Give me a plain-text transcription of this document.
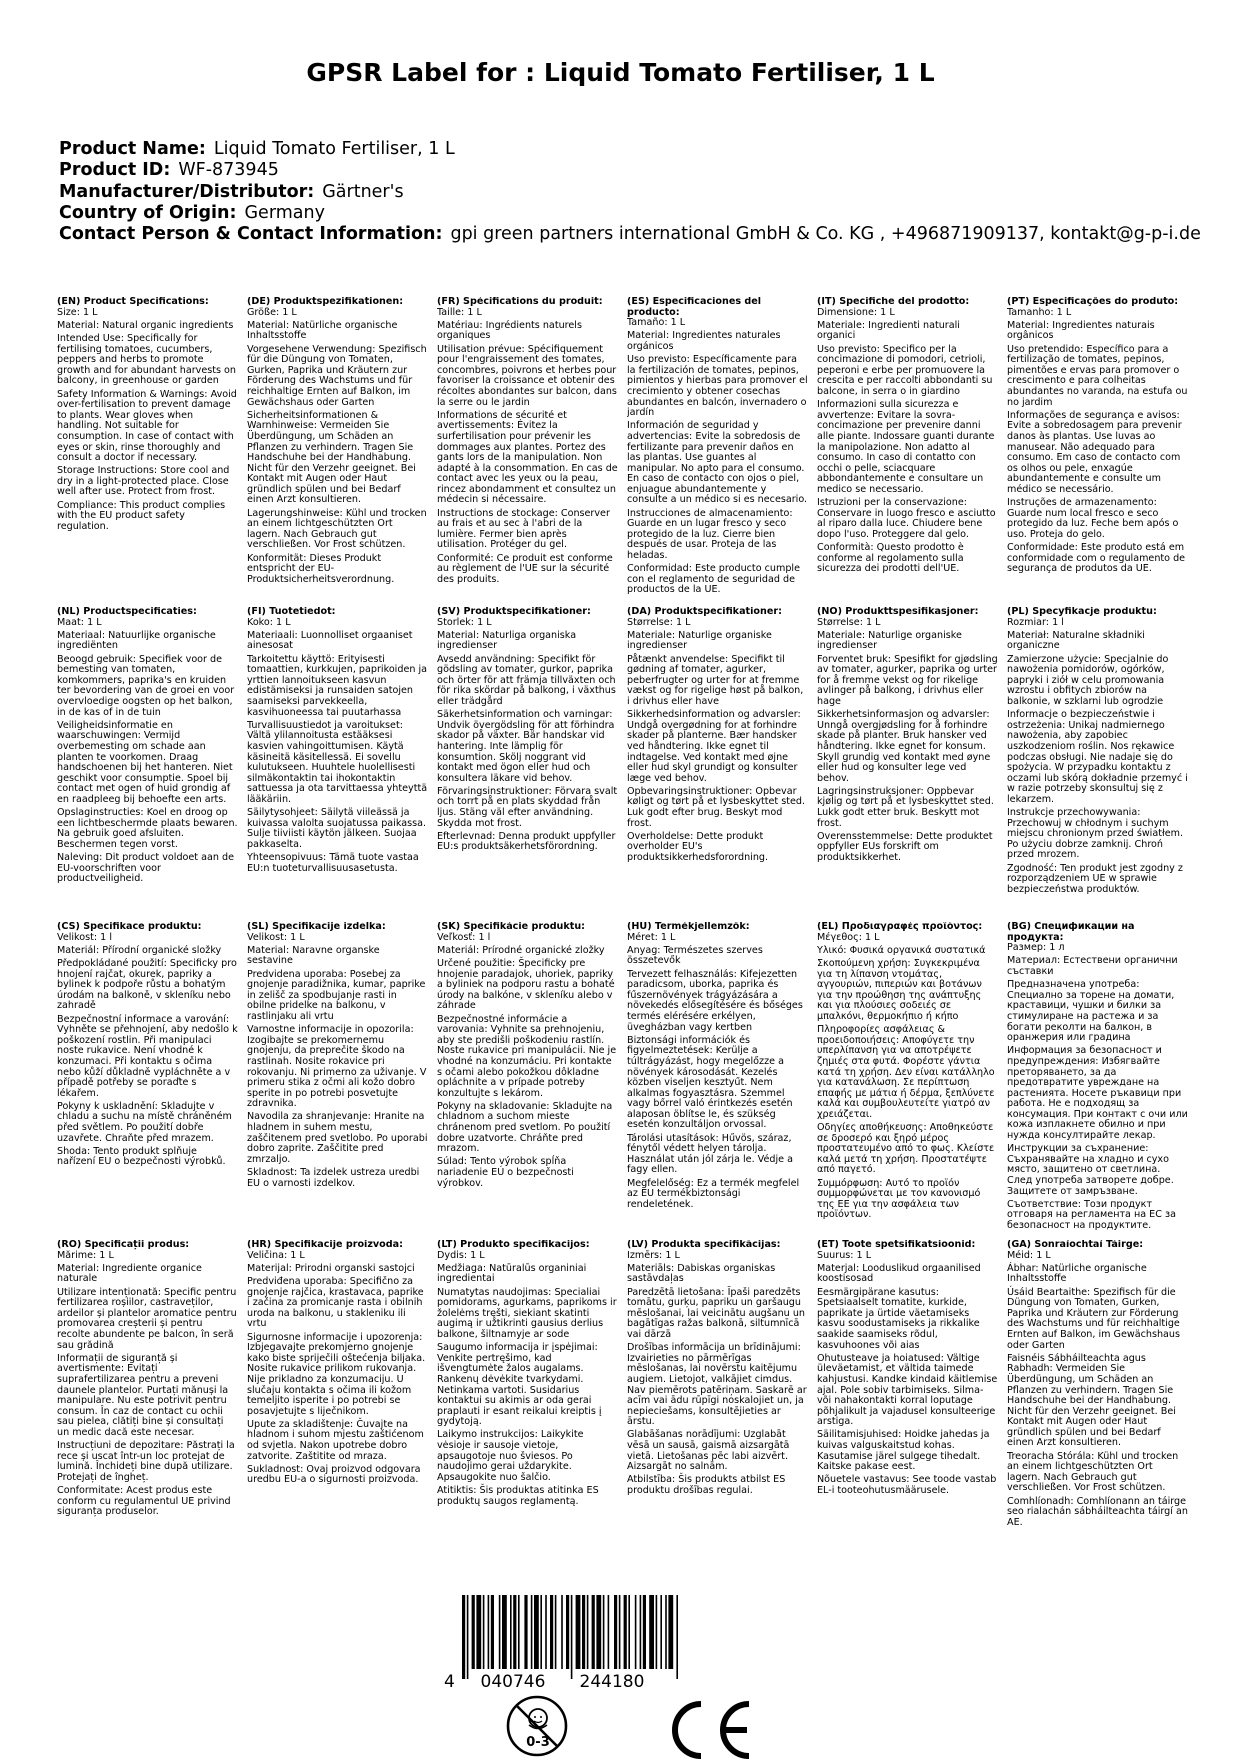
GPSR Label for : Liquid Tomato Fertiliser, 1 L
Product Name: Liquid Tomato Fertiliser, 1 L
Product ID: WF-873945
Manufacturer/Distributor: Gärtner's
Country of Origin: Germany
Contact Person & Contact Information: gpi green partners international GmbH & Co. KG , +496871909137, kontakt@g-p-i.de
(EN) Product Specifications:

Size: 1 L

Material: Natural organic ingredients

Intended Use: Specifically for fertilising tomatoes, cucumbers, peppers and herbs to promote growth and for abundant harvests on balcony, in greenhouse or garden

Safety Information & Warnings: Avoid over-fertilisation to prevent damage to plants. Wear gloves when handling. Not suitable for consumption. In case of contact with eyes or skin, rinse thoroughly and consult a doctor if necessary.

Storage Instructions: Store cool and dry in a light-protected place. Close well after use. Protect from frost.

Compliance: This product complies with the EU product safety regulation.

(DE) Produktspezifikationen:

Größe: 1 L

Material: Natürliche organische Inhaltsstoffe

Vorgesehene Verwendung: Spezifisch für die Düngung von Tomaten, Gurken, Paprika und Kräutern zur Förderung des Wachstums und für reichhaltige Ernten auf Balkon, im Gewächshaus oder Garten

Sicherheitsinformationen & Warnhinweise: Vermeiden Sie Überdüngung, um Schäden an Pflanzen zu verhindern. Tragen Sie Handschuhe bei der Handhabung. Nicht für den Verzehr geeignet. Bei Kontakt mit Augen oder Haut gründlich spülen und bei Bedarf einen Arzt konsultieren.

Lagerungshinweise: Kühl und trocken an einem lichtgeschützten Ort lagern. Nach Gebrauch gut verschließen. Vor Frost schützen.

Konformität: Dieses Produkt entspricht der EU-Produktsicherheitsverordnung.

(FR) Spécifications du produit:

Taille: 1 L

Matériau: Ingrédients naturels organiques

Utilisation prévue: Spécifiquement pour l'engraissement des tomates, concombres, poivrons et herbes pour favoriser la croissance et obtenir des récoltes abondantes sur balcon, dans la serre ou le jardin

Informations de sécurité et avertissements: Évitez la surfertilisation pour prévenir les dommages aux plantes. Portez des gants lors de la manipulation. Non adapté à la consommation. En cas de contact avec les yeux ou la peau, rincez abondamment et consultez un médecin si nécessaire.

Instructions de stockage: Conserver au frais et au sec à l'abri de la lumière. Fermer bien après utilisation. Protéger du gel.

Conformité: Ce produit est conforme au règlement de l'UE sur la sécurité des produits.

(ES) Especificaciones del producto:

Tamaño: 1 L

Material: Ingredientes naturales orgánicos

Uso previsto: Específicamente para la fertilización de tomates, pepinos, pimientos y hierbas para promover el crecimiento y obtener cosechas abundantes en balcón, invernadero o jardín

Información de seguridad y advertencias: Evite la sobredosis de fertilizante para prevenir daños en las plantas. Use guantes al manipular. No apto para el consumo. En caso de contacto con ojos o piel, enjuague abundantemente y consulte a un médico si es necesario.

Instrucciones de almacenamiento: Guarde en un lugar fresco y seco protegido de la luz. Cierre bien después de usar. Proteja de las heladas.

Conformidad: Este producto cumple con el reglamento de seguridad de productos de la UE.

(IT) Specifiche del prodotto:

Dimensione: 1 L

Materiale: Ingredienti naturali organici

Uso previsto: Specifico per la concimazione di pomodori, cetrioli, peperoni e erbe per promuovere la crescita e per raccolti abbondanti su balcone, in serra o in giardino

Informazioni sulla sicurezza e avvertenze: Evitare la sovra-concimazione per prevenire danni alle piante. Indossare guanti durante la manipolazione. Non adatto al consumo. In caso di contatto con occhi o pelle, sciacquare abbondantemente e consultare un medico se necessario.

Istruzioni per la conservazione: Conservare in luogo fresco e asciutto al riparo dalla luce. Chiudere bene dopo l'uso. Proteggere dal gelo.

Conformità: Questo prodotto è conforme al regolamento sulla sicurezza dei prodotti dell'UE.

(PT) Especificações do produto:

Tamanho: 1 L

Material: Ingredientes naturais orgânicos

Uso pretendido: Específico para a fertilização de tomates, pepinos, pimentões e ervas para promover o crescimento e para colheitas abundantes no varanda, na estufa ou no jardim

Informações de segurança e avisos: Evite a sobredosagem para prevenir danos às plantas. Use luvas ao manusear. Não adequado para consumo. Em caso de contacto com os olhos ou pele, enxagúe abundantemente e consulte um médico se necessário.

Instruções de armazenamento: Guarde num local fresco e seco protegido da luz. Feche bem após o uso. Proteja do gelo.

Conformidade: Este produto está em conformidade com o regulamento de segurança de produtos da UE.

(NL) Productspecificaties:

Maat: 1 L

Materiaal: Natuurlijke organische ingrediënten

Beoogd gebruik: Specifiek voor de bemesting van tomaten, komkommers, paprika's en kruiden ter bevordering van de groei en voor overvloedige oogsten op het balkon, in de kas of in de tuin

Veiligheidsinformatie en waarschuwingen: Vermijd overbemesting om schade aan planten te voorkomen. Draag handschoenen bij het hanteren. Niet geschikt voor consumptie. Spoel bij contact met ogen of huid grondig af en raadpleeg bij behoefte een arts.

Opslaginstructies: Koel en droog op een lichtbeschermde plaats bewaren. Na gebruik goed afsluiten. Beschermen tegen vorst.

Naleving: Dit product voldoet aan de EU-voorschriften voor productveiligheid.

(FI) Tuotetiedot:

Koko: 1 L

Materiaali: Luonnolliset orgaaniset ainesosat

Tarkoitettu käyttö: Erityisesti tomaattien, kurkkujen, paprikoiden ja yrttien lannoitukseen kasvun edistämiseksi ja runsaiden satojen saamiseksi parvekkeella, kasvihuoneessa tai puutarhassa

Turvallisuustiedot ja varoitukset: Vältä ylilannoitusta estääksesi kasvien vahingoittumisen. Käytä käsineitä käsitellessä. Ei sovellu kulutukseen. Huuhtele huolellisesti silmäkontaktin tai ihokontaktin sattuessa ja ota tarvittaessa yhteyttä lääkäriin.

Säilytysohjeet: Säilytä viileässä ja kuivassa valolta suojatussa paikassa. Sulje tiiviisti käytön jälkeen. Suojaa pakkaselta.

Yhteensopivuus: Tämä tuote vastaa EU:n tuoteturvallisuusasetusta.

(SV) Produktspecifikationer:

Storlek: 1 L

Material: Naturliga organiska ingredienser

Avsedd användning: Specifikt för gödsling av tomater, gurkor, paprika och örter för att främja tillväxten och för rika skördar på balkong, i växthus eller trädgård

Säkerhetsinformation och varningar: Undvik övergödsling för att förhindra skador på växter. Bär handskar vid hantering. Inte lämplig för konsumtion. Skölj noggrant vid kontakt med ögon eller hud och konsultera läkare vid behov.

Förvaringsinstruktioner: Förvara svalt och torrt på en plats skyddad från ljus. Stäng väl efter användning. Skydda mot frost.

Efterlevnad: Denna produkt uppfyller EU:s produktsäkerhetsförordning.

(DA) Produktspecifikationer:

Størrelse: 1 L

Materiale: Naturlige organiske ingredienser

Påtænkt anvendelse: Specifikt til gødning af tomater, agurker, peberfrugter og urter for at fremme vækst og for rigelige høst på balkon, i drivhus eller have

Sikkerhedsinformation og advarsler: Undgå overgødning for at forhindre skader på planterne. Bær handsker ved håndtering. Ikke egnet til indtagelse. Ved kontakt med øjne eller hud skyl grundigt og konsulter læge ved behov.

Opbevaringsinstruktioner: Opbevar køligt og tørt på et lysbeskyttet sted. Luk godt efter brug. Beskyt mod frost.

Overholdelse: Dette produkt overholder EU's produktsikkerhedsforordning.

(NO) Produkttspesifikasjoner:

Størrelse: 1 L

Materiale: Naturlige organiske ingredienser

Forventet bruk: Spesifikt for gjødsling av tomater, agurker, paprika og urter for å fremme vekst og for rikelige avlinger på balkong, i drivhus eller hage

Sikkerhetsinformasjon og advarsler: Unngå overgjødsling for å forhindre skade på planter. Bruk hansker ved håndtering. Ikke egnet for konsum. Skyll grundig ved kontakt med øyne eller hud og konsulter lege ved behov.

Lagringsinstruksjoner: Oppbevar kjølig og tørt på et lysbeskyttet sted. Lukk godt etter bruk. Beskytt mot frost.

Overensstemmelse: Dette produktet oppfyller EUs forskrift om produktsikkerhet.

(PL) Specyfikacje produktu:

Rozmiar: 1 l

Materiał: Naturalne składniki organiczne

Zamierzone użycie: Specjalnie do nawożenia pomidorów, ogórków, papryki i ziół w celu promowania wzrostu i obfitych zbiorów na balkonie, w szklarni lub ogrodzie

Informacje o bezpieczeństwie i ostrzeżenia: Unikaj nadmiernego nawożenia, aby zapobiec uszkodzeniom roślin. Nos rękawice podczas obsługi. Nie nadaje się do spożycia. W przypadku kontaktu z oczami lub skórą dokładnie przemyć i w razie potrzeby skonsultuj się z lekarzem.

Instrukcje przechowywania: Przechowuj w chłodnym i suchym miejscu chronionym przed światłem. Po użyciu dobrze zamknij. Chroń przed mrozem.

Zgodność: Ten produkt jest zgodny z rozporządzeniem UE w sprawie bezpieczeństwa produktów.

(CS) Specifikace produktu:

Velikost: 1 l

Materiál: Přírodní organické složky

Předpokládané použití: Specificky pro hnojení rajčat, okurek, papriky a bylinek k podpoře růstu a bohatým úrodám na balkoně, v skleníku nebo zahradě

Bezpečnostní informace a varování: Vyhněte se přehnojení, aby nedošlo k poškození rostlin. Při manipulaci noste rukavice. Není vhodné k konzumaci. Při kontaktu s očima nebo kůží důkladně vypláchněte a v případě potřeby se poraďte s lékařem.

Pokyny k uskladnění: Skladujte v chladu a suchu na místě chráněném před světlem. Po použití dobře uzavřete. Chraňte před mrazem.

Shoda: Tento produkt splňuje nařízení EU o bezpečnosti výrobků.

(SL) Specifikacije izdelka:

Velikost: 1 L

Material: Naravne organske sestavine

Predvidena uporaba: Posebej za gnojenje paradižnika, kumar, paprike in zelišč za spodbujanje rasti in obilne pridelke na balkonu, v rastlinjaku ali vrtu

Varnostne informacije in opozorila: Izogibajte se prekomernemu gnojenju, da preprečite škodo na rastlinah. Nosite rokavice pri rokovanju. Ni primerno za uživanje. V primeru stika z očmi ali kožo dobro sperite in po potrebi posvetujte zdravnika.

Navodila za shranjevanje: Hranite na hladnem in suhem mestu, zaščitenem pred svetlobo. Po uporabi dobro zaprite. Zaščitite pred zmrzaljo.

Skladnost: Ta izdelek ustreza uredbi EU o varnosti izdelkov.

(SK) Špecifikácie produktu:

Veľkosť: 1 l

Materiál: Prírodné organické zložky

Určené použitie: Špecificky pre hnojenie paradajok, uhoriek, papriky a byliniek na podporu rastu a bohaté úrody na balkóne, v skleníku alebo v záhrade

Bezpečnostné informácie a varovania: Vyhnite sa prehnojeniu, aby ste predišli poškodeniu rastlín. Noste rukavice pri manipulácii. Nie je vhodné na konzumáciu. Pri kontakte s očami alebo pokožkou dôkladne opláchnite a v prípade potreby konzultujte s lekárom.

Pokyny na skladovanie: Skladujte na chladnom a suchom mieste chránenom pred svetlom. Po použití dobre uzatvorte. Chráňte pred mrazom.

Súlad: Tento výrobok spĺňa nariadenie EÚ o bezpečnosti výrobkov.

(HU) Termékjellemzők:

Méret: 1 L

Anyag: Természetes szerves összetevők

Tervezett felhasználás: Kifejezetten paradicsom, uborka, paprika és fűszernövények trágyázására a növekedés elősegítésére és bőséges termés elérésére erkélyen, üvegházban vagy kertben

Biztonsági információk és figyelmeztetések: Kerülje a túltrágyázást, hogy megelőzze a növények károsodását. Kezelés közben viseljen kesztyűt. Nem alkalmas fogyasztásra. Szemmel vagy bőrrel való érintkezés esetén alaposan öblítse le, és szükség esetén konzultáljon orvossal.

Tárolási utasítások: Hűvös, száraz, fénytől védett helyen tárolja. Használat után jól zárja le. Védje a fagy ellen.

Megfelelőség: Ez a termék megfelel az EU termékbiztonsági rendeletének.

(EL) Προδιαγραφές προϊόντος:

Μέγεθος: 1 L

Υλικό: Φυσικά οργανικά συστατικά

Σκοπούμενη χρήση: Συγκεκριμένα για τη λίπανση ντομάτας, αγγουριών, πιπεριών και βοτάνων για την προώθηση της ανάπτυξης και για πλούσιες σοδειές σε μπαλκόνι, θερμοκήπιο ή κήπο

Πληροφορίες ασφάλειας & προειδοποιήσεις: Αποφύγετε την υπερλίπανση για να αποτρέψετε ζημιές στα φυτά. Φορέστε γάντια κατά τη χρήση. Δεν είναι κατάλληλο για κατανάλωση. Σε περίπτωση επαφής με μάτια ή δέρμα, ξεπλύνετε καλά και συμβουλευτείτε γιατρό αν χρειάζεται.

Οδηγίες αποθήκευσης: Αποθηκεύστε σε δροσερό και ξηρό μέρος προστατευμένο από το φως. Κλείστε καλά μετά τη χρήση. Προστατέψτε από παγετό.

Συμμόρφωση: Αυτό το προϊόν συμμορφώνεται με τον κανονισμό της ΕΕ για την ασφάλεια των προϊόντων.

(BG) Спецификации на продукта:

Размер: 1 л

Материал: Естествени органични съставки

Предназначена употреба: Специално за торене на домати, краставици, чушки и билки за стимулиране на растежа и за богати реколти на балкон, в оранжерия или градина

Информация за безопасност и предупреждения: Избягвайте преторяването, за да предотвратите увреждане на растенията. Носете ръкавици при работа. Не е подходящ за консумация. При контакт с очи или кожа изплакнете обилно и при нужда консултирайте лекар.

Инструкции за съхранение: Съхранявайте на хладно и сухо място, защитено от светлина. След употреба затворете добре. Защитете от замръзване.

Съответствие: Този продукт отговаря на регламента на ЕС за безопасност на продуктите.

(RO) Specificații produs:

Mărime: 1 L

Material: Ingrediente organice naturale

Utilizare intenționată: Specific pentru fertilizarea roșiilor, castraveților, ardeilor și plantelor aromatice pentru promovarea creșterii și pentru recolte abundente pe balcon, în seră sau grădină

Informații de siguranță și avertismente: Evitați suprafertilizarea pentru a preveni daunele plantelor. Purtați mănuși la manipulare. Nu este potrivit pentru consum. În caz de contact cu ochii sau pielea, clătiți bine și consultați un medic dacă este necesar.

Instrucțiuni de depozitare: Păstrați la rece și uscat într-un loc protejat de lumină. Închideți bine după utilizare. Protejați de îngheț.

Conformitate: Acest produs este conform cu regulamentul UE privind siguranța produselor.

(HR) Specifikacije proizvoda:

Veličina: 1 L

Materijal: Prirodni organski sastojci

Predviđena uporaba: Specifično za gnojenje rajčica, krastavaca, paprike i začina za promicanje rasta i obilnih uroda na balkonu, u stakleniku ili vrtu

Sigurnosne informacije i upozorenja: Izbjegavajte prekomjerno gnojenje kako biste spriječili oštećenja biljaka. Nosite rukavice prilikom rukovanja. Nije prikladno za konzumaciju. U slučaju kontakta s očima ili kožom temeljito isperite i po potrebi se posavjetujte s liječnikom.

Upute za skladištenje: Čuvajte na hladnom i suhom mjestu zaštićenom od svjetla. Nakon upotrebe dobro zatvorite. Zaštitite od mraza.

Sukladnost: Ovaj proizvod odgovara uredbu EU-a o sigurnosti proizvoda.

(LT) Produkto specifikacijos:

Dydis: 1 L

Medžiaga: Natūralūs organiniai ingredientai

Numatytas naudojimas: Specialiai pomidorams, agurkams, paprikoms ir žolelėms tręšti, siekiant skatinti augimą ir užtikrinti gausius derlius balkone, šiltnamyje ar sode

Saugumo informacija ir įspėjimai: Venkite pertręšimo, kad išvengtumėte žalos augalams. Rankenų dėvėkite tvarkydami. Netinkama vartoti. Susidarius kontaktui su akimis ar oda gerai praplauti ir esant reikalui kreiptis į gydytoją.

Laikymo instrukcijos: Laikykite vėsioje ir sausoje vietoje, apsaugotoje nuo šviesos. Po naudojimo gerai uždarykite. Apsaugokite nuo šalčio.

Atitiktis: Šis produktas atitinka ES produktų saugos reglamentą.

(LV) Produkta specifikācijas:

Izmērs: 1 L

Materiāls: Dabiskas organiskas sastāvdaļas

Paredzētā lietošana: Īpaši paredzēts tomātu, gurķu, papriku un garšaugu mēslošanai, lai veicinātu augšanu un bagātīgas ražas balkonā, siltumnīcā vai dārzā

Drošības informācija un brīdinājumi: Izvairieties no pārmērīgas mēslošanas, lai novērstu kaitējumu augiem. Lietojot, valkājiet cimdus. Nav piemērots patēriņam. Saskarē ar acīm vai ādu rūpīgi noskalojiet un, ja nepieciešams, konsultējieties ar ārstu.

Glabāšanas norādījumi: Uzglabāt vēsā un sausā, gaismā aizsargātā vietā. Lietošanas pēc labi aizvērt. Aizsargāt no salnām.

Atbilstība: Šis produkts atbilst ES produktu drošības regulai.

(ET) Toote spetsifikatsioonid:

Suurus: 1 L

Materjal: Looduslikud orgaanilised koostisosad

Eesmärgipärane kasutus: Spetsiaalselt tomatite, kurkide, paprikate ja ürtide väetamiseks kasvu soodustamiseks ja rikkalike saakide saamiseks rõdul, kasvuhoones või aias

Ohutusteave ja hoiatused: Vältige üleväetamist, et vältida taimede kahjustusi. Kandke kindaid käitlemise ajal. Pole sobiv tarbimiseks. Silma- või nahakontakti korral loputage põhjalikult ja vajadusel konsulteerige arstiga.

Säilitamisjuhised: Hoidke jahedas ja kuivas valguskaitstud kohas. Kasutamise järel sulgege tihedalt. Kaitske pakase eest.

Nõuetele vastavus: See toode vastab EL-i tooteohutusmäärusele.

(GA) Sonraíochtaí Táirge:

Méid: 1 L

Ábhar: Natürliche organische Inhaltsstoffe

Úsáid Beartaithe: Spezifisch für die Düngung von Tomaten, Gurken, Paprika und Kräutern zur Förderung des Wachstums und für reichhaltige Ernten auf Balkon, im Gewächshaus oder Garten

Faisnéis Sábháilteachta agus Rabhadh: Vermeiden Sie Überdüngung, um Schäden an Pflanzen zu verhindern. Tragen Sie Handschuhe bei der Handhabung. Nicht für den Verzehr geeignet. Bei Kontakt mit Augen oder Haut gründlich spülen und bei Bedarf einen Arzt konsultieren.

Treoracha Stórála: Kühl und trocken an einem lichtgeschützten Ort lagern. Nach Gebrauch gut verschließen. Vor Frost schützen.

Comhlíonadh: Comhlíonann an táirge seo rialachán sábháilteachta táirgí an AE.

4 040746 244180
0-3
